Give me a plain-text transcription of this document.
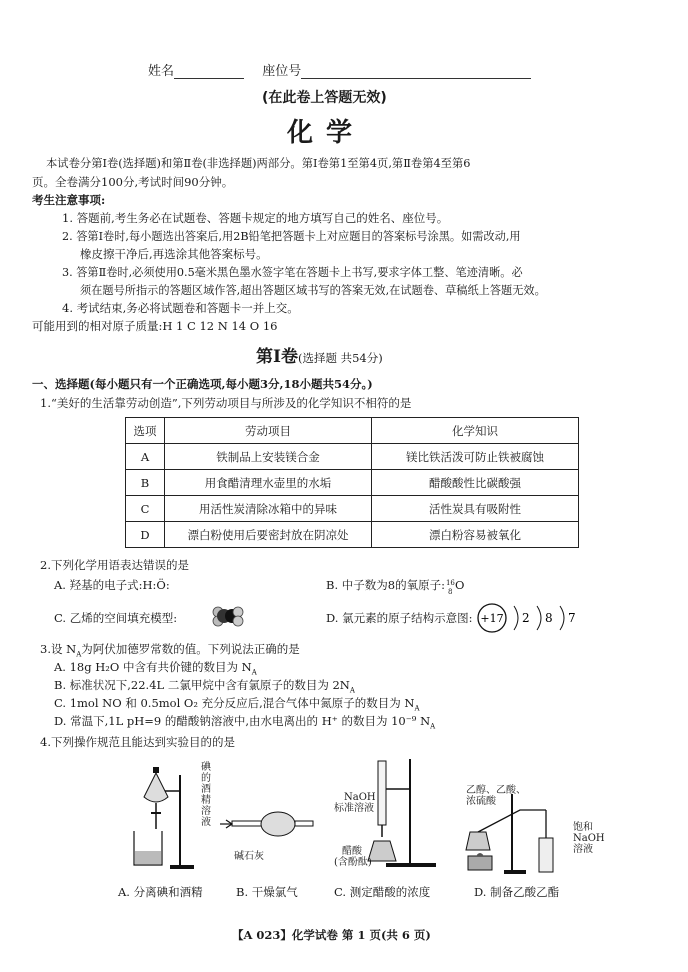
姓名	座位号
(在此卷上答题无效)
化 学
本试卷分第Ⅰ卷(选择题)和第Ⅱ卷(非选择题)两部分。第Ⅰ卷第1至第4页,第Ⅱ卷第4至第6
页。全卷满分100分,考试时间90分钟。
考生注意事项:
1. 答题前,考生务必在试题卷、答题卡规定的地方填写自己的姓名、座位号。
2. 答第Ⅰ卷时,每小题选出答案后,用2B铅笔把答题卡上对应题目的答案标号涂黑。如需改动,用
橡皮擦干净后,再选涂其他答案标号。
3. 答第Ⅱ卷时,必须使用0.5毫米黑色墨水签字笔在答题卡上书写,要求字体工整、笔迹清晰。必
须在题号所指示的答题区域作答,超出答题区域书写的答案无效,在试题卷、草稿纸上答题无效。
4. 考试结束,务必将试题卷和答题卡一并上交。
可能用到的相对原子质量:H 1 C 12 N 14 O 16
第Ⅰ卷(选择题 共54分)
一、选择题(每小题只有一个正确选项,每小题3分,18小题共54分。)
1.“美好的生活靠劳动创造”,下列劳动项目与所涉及的化学知识不相符的是
选项	劳动项目	化学知识
A	铁制品上安装镁合金	镁比铁活泼可防止铁被腐蚀
B	用食醋清理水壶里的水垢	醋酸酸性比碳酸强
C	用活性炭清除冰箱中的异味	活性炭具有吸附性
D	漂白粉使用后要密封放在阴凉处	漂白粉容易被氧化
2.下列化学用语表达错误的是
A. 羟基的电子式:H:Ö:	B. 中子数为8的氧原子: 16
8 O
C. 乙烯的空间填充模型:	D. 氯元素的原子结构示意图: +17 2 8 7
3.设 $N_A$为阿伏加德罗常数的值。下列说法正确的是
A. 18g H₂O 中含有共价键的数目为 $N_A$
B. 标准状况下,22.4L 二氯甲烷中含有氯原子的数目为 $2N_A$
C. 1mol NO 和 0.5mol O₂ 充分反应后,混合气体中氮原子的数目为 $N_A$
D. 常温下,1L pH=9 的醋酸钠溶液中,由水电离出的 H⁺ 的数目为 10⁻⁹ $N_A$
4.下列操作规范且能达到实验目的的是
碘
的
酒
精
溶
液
碱石灰
NaOH
标准溶液
醋酸
(含酚酞)
乙醇、乙酸、
浓硫酸
饱和
NaOH
溶液
A. 分离碘和酒精	B. 干燥氯气	C. 测定醋酸的浓度	D. 制备乙酸乙酯
【A 023】化学试卷 第 1 页(共 6 页)
